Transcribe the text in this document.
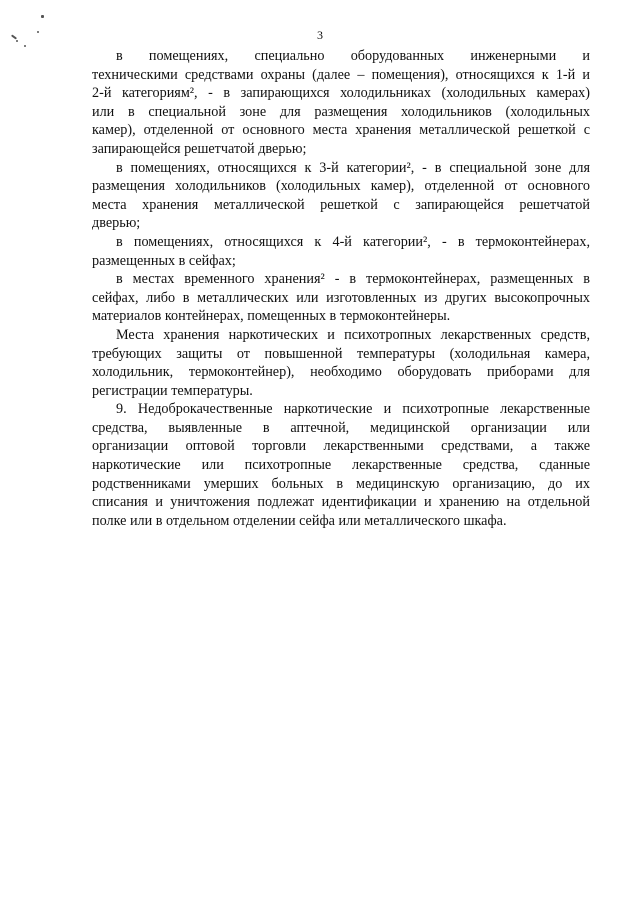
3

в помещениях, специально оборудованных инженерными и
техническими средствами охраны (далее – помещения), относящихся к 1-й и
2-й категориям², - в запирающихся холодильниках (холодильных камерах)
или в специальной зоне для размещения холодильников (холодильных
камер), отделенной от основного места хранения металлической решеткой с
запирающейся решетчатой дверью;

в помещениях, относящихся к 3-й категории², - в специальной зоне для
размещения холодильников (холодильных камер), отделенной от основного
места хранения металлической решеткой с запирающейся решетчатой
дверью;

в помещениях, относящихся к 4-й категории², - в термоконтейнерах,
размещенных в сейфах;

в местах временного хранения² - в термоконтейнерах, размещенных в
сейфах, либо в металлических или изготовленных из других высокопрочных
материалов контейнерах, помещенных в термоконтейнеры.

Места хранения наркотических и психотропных лекарственных средств,
требующих защиты от повышенной температуры (холодильная камера,
холодильник, термоконтейнер), необходимо оборудовать приборами для
регистрации температуры.

9. Недоброкачественные наркотические и психотропные лекарственные
средства, выявленные в аптечной, медицинской организации или
организации оптовой торговли лекарственными средствами, а также
наркотические или психотропные лекарственные средства, сданные
родственниками умерших больных в медицинскую организацию, до их
списания и уничтожения подлежат идентификации и хранению на отдельной
полке или в отдельном отделении сейфа или металлического шкафа.
